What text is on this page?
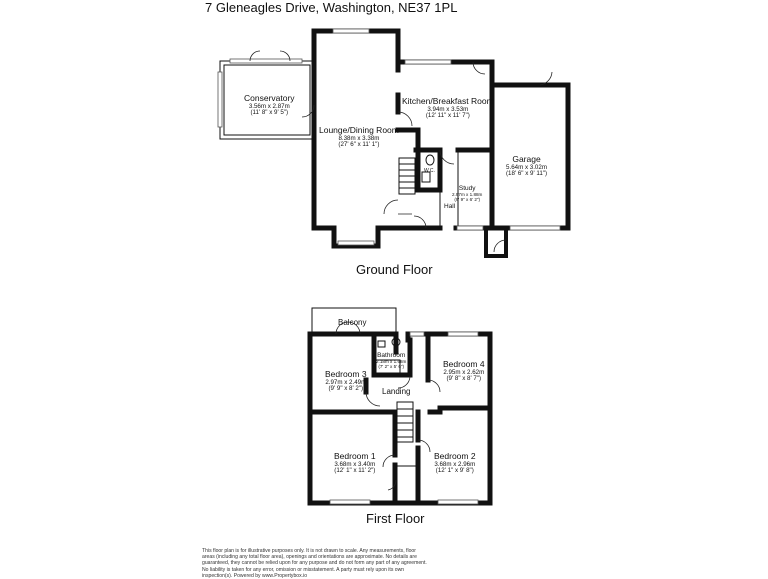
7 Gleneagles Drive, Washington, NE37 1PL
Conservatory
3.56m x 2.87m
(11' 8" x 9' 5")
Lounge/Dining Room
8.38m x 3.38m
(27' 6" x 11' 1")
Kitchen/Breakfast Room
3.94m x 3.53m
(12' 11" x 11' 7")
Garage
5.64m x 3.02m
(18' 6" x 9' 11")
Study
2.97m x 1.88m
(9' 9" x 6' 2")
W.C.
Hall
Ground Floor
Balcony
Bedroom 3
2.97m x 2.49m
(9' 9" x 8' 2")
Bathroom
2.18m x 1.68m
(7' 2" x 5' 6")	Bedroom 4
2.95m x 2.62m
(9' 8" x 8' 7")
Landing
Bedroom 1
3.68m x 3.40m
(12' 1" x 11' 2")
Bedroom 2
3.68m x 2.96m
(12' 1" x 9' 8")
First Floor
This floor plan is for illustrative purposes only. It is not drawn to scale. Any measurements, floor
areas (including any total floor area), openings and orientations are approximate. No details are
guaranteed, they cannot be relied upon for any purpose and do not form any part of any agreement.
No liability is taken for any error, omission or misstatement. A party must rely upon its own
inspection(s). Powered by www.Propertybox.io
